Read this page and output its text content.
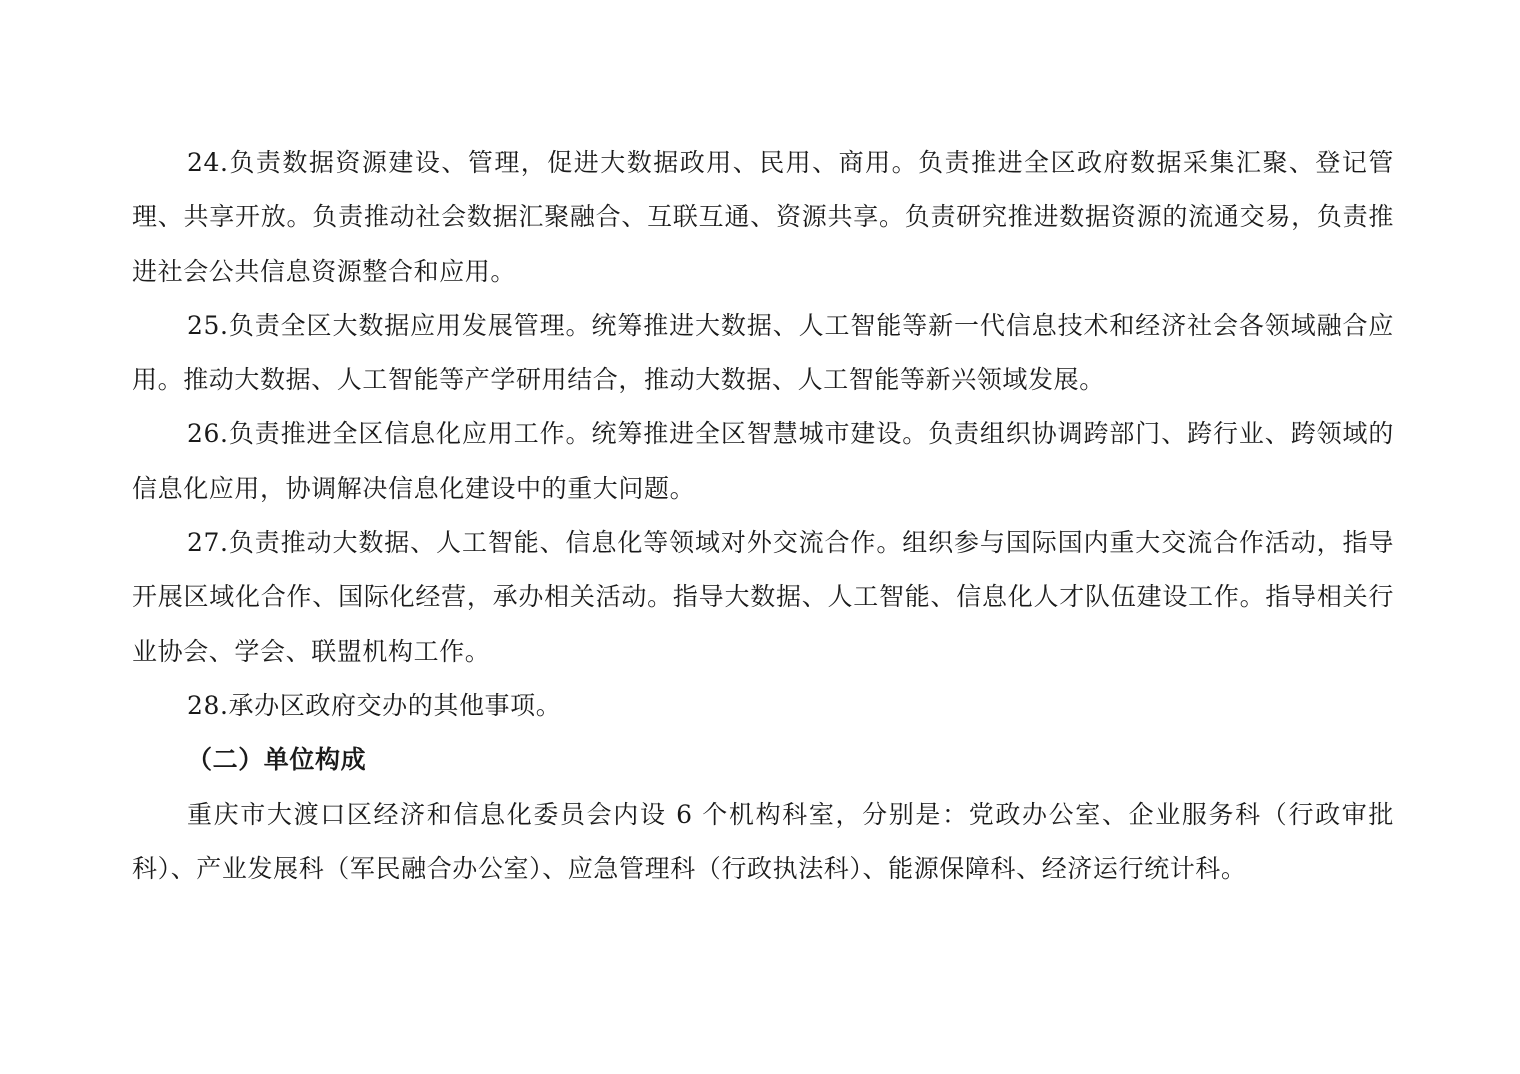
24.负责数据资源建设、管理，促进大数据政用、民用、商用。负责推进全区政府数据采集汇聚、登记管理、共享开放。负责推动社会数据汇聚融合、互联互通、资源共享。负责研究推进数据资源的流通交易，负责推进社会公共信息资源整合和应用。

25.负责全区大数据应用发展管理。统筹推进大数据、人工智能等新一代信息技术和经济社会各领域融合应用。推动大数据、人工智能等产学研用结合，推动大数据、人工智能等新兴领域发展。

26.负责推进全区信息化应用工作。统筹推进全区智慧城市建设。负责组织协调跨部门、跨行业、跨领域的信息化应用，协调解决信息化建设中的重大问题。

27.负责推动大数据、人工智能、信息化等领域对外交流合作。组织参与国际国内重大交流合作活动，指导开展区域化合作、国际化经营，承办相关活动。指导大数据、人工智能、信息化人才队伍建设工作。指导相关行业协会、学会、联盟机构工作。

28.承办区政府交办的其他事项。

（二）单位构成

重庆市大渡口区经济和信息化委员会内设 6 个机构科室，分别是：党政办公室、企业服务科（行政审批科）、产业发展科（军民融合办公室）、应急管理科（行政执法科）、能源保障科、经济运行统计科。
